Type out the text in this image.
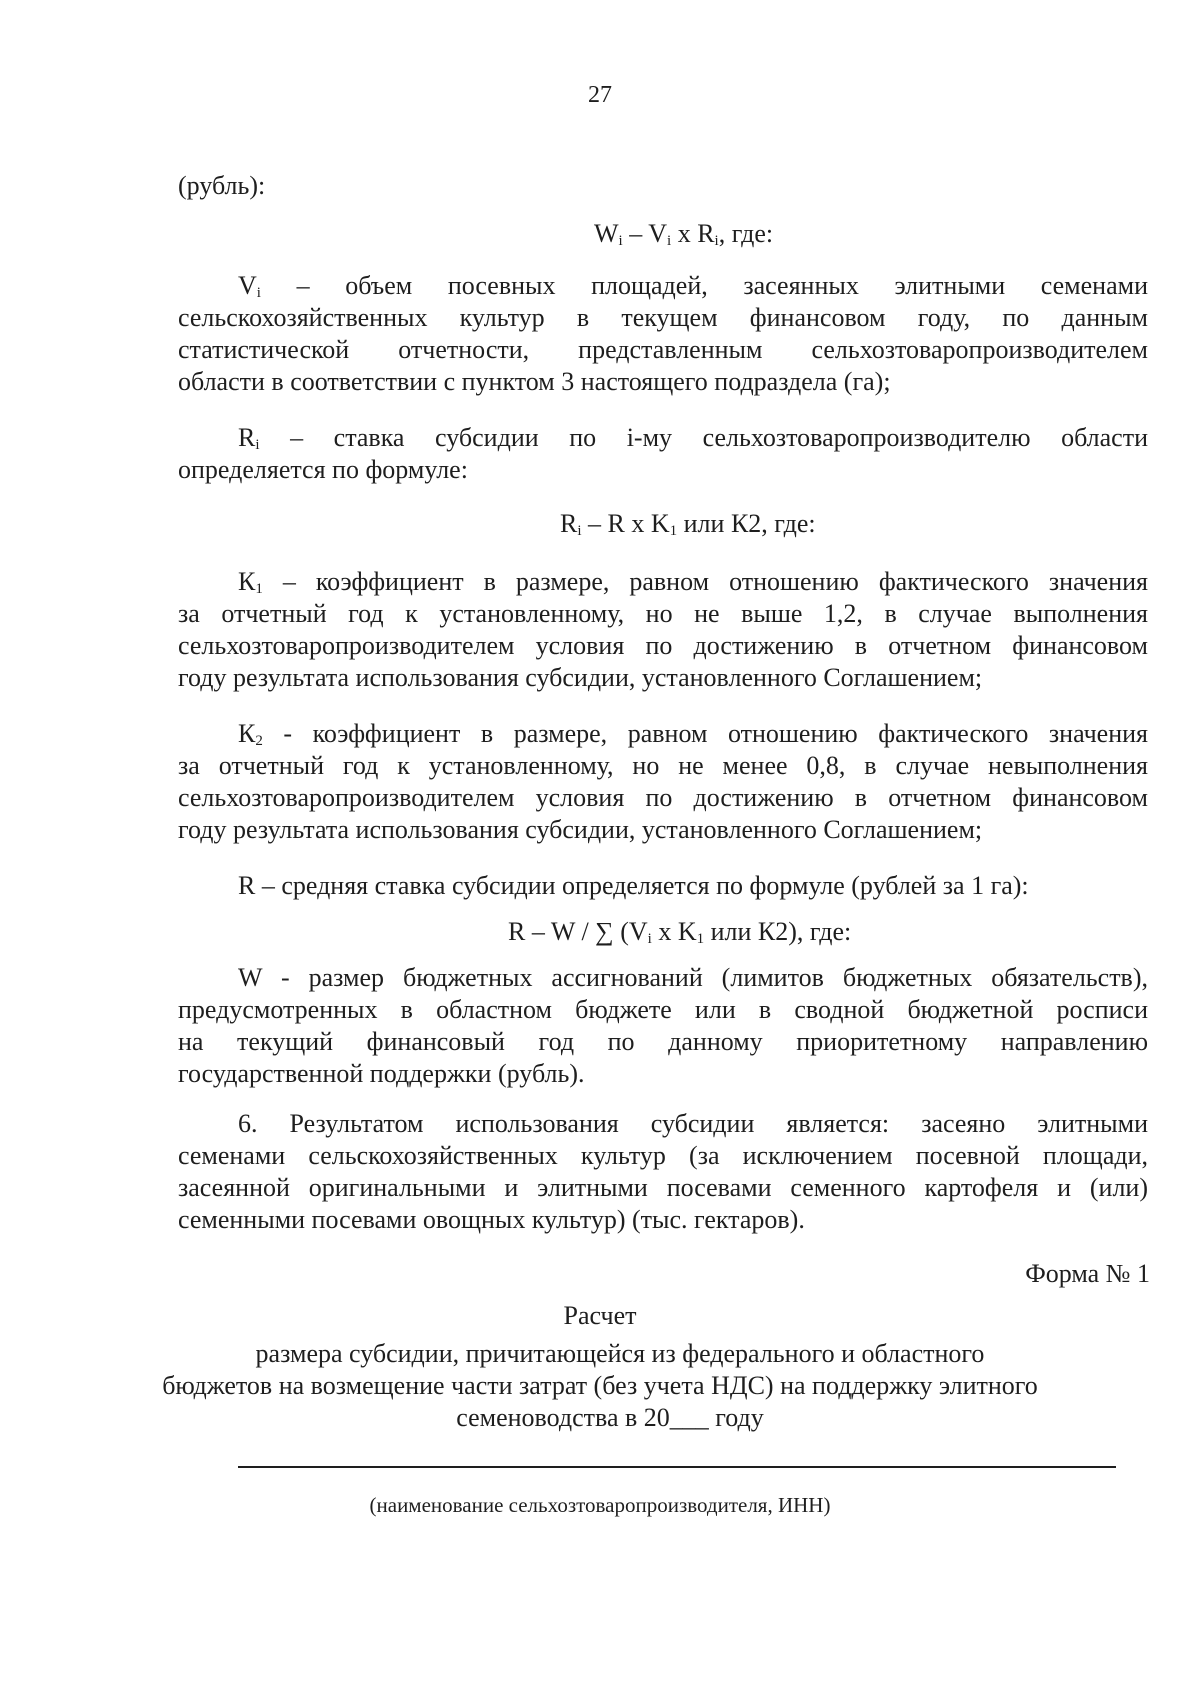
27
(рубль):
$W_i - V_i$ x $R_i$, где:
$V_i$ – объем посевных площадей, засеянных элитными семенами
сельскохозяйственных культур в текущем финансовом году, по данным
статистической отчетности, представленным сельхозтоваропроизводителем
области в соответствии с пунктом 3 настоящего подраздела (га);
$R_i$ – ставка субсидии по i-му сельхозтоваропроизводителю области
определяется по формуле:
$R_i$ – R x $K_1$ или К2, где:
$К_1$ – коэффициент в размере, равном отношению фактического значения
за отчетный год к установленному, но не выше 1,2, в случае выполнения
сельхозтоваропроизводителем условия по достижению в отчетном финансовом
году результата использования субсидии, установленного Соглашением;
$К_2$ - коэффициент в размере, равном отношению фактического значения
за отчетный год к установленному, но не менее 0,8, в случае невыполнения
сельхозтоваропроизводителем условия по достижению в отчетном финансовом
году результата использования субсидии, установленного Соглашением;
R – средняя ставка субсидии определяется по формуле (рублей за 1 га):
R – W / ∑ ($V_i$ x $K_1$ или К2), где:
W - размер бюджетных ассигнований (лимитов бюджетных обязательств),
предусмотренных в областном бюджете или в сводной бюджетной росписи
на текущий финансовый год по данному приоритетному направлению
государственной поддержки (рубль).
6. Результатом использования субсидии является: засеяно элитными
семенами сельскохозяйственных культур (за исключением посевной площади,
засеянной оригинальными и элитными посевами семенного картофеля и (или)
семенными посевами овощных культур) (тыс. гектаров).
Форма № 1
Расчет
размера субсидии, причитающейся из федерального и областного
бюджетов на возмещение части затрат (без учета НДС) на поддержку элитного
семеноводства в 20___ году
(наименование сельхозтоваропроизводителя, ИНН)
